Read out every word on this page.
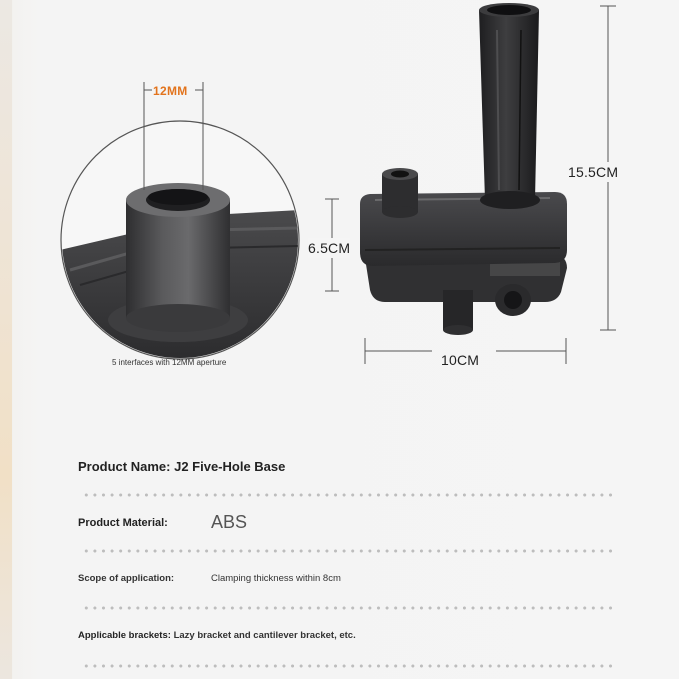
12MM
5 interfaces with 12MM aperture
15.5CM
6.5CM
10CM
Product Name: J2 Five-Hole Base
Product Material: ABS
Scope of application:	Clamping thickness within 8cm
Applicable brackets: Lazy bracket and cantilever bracket, etc.
